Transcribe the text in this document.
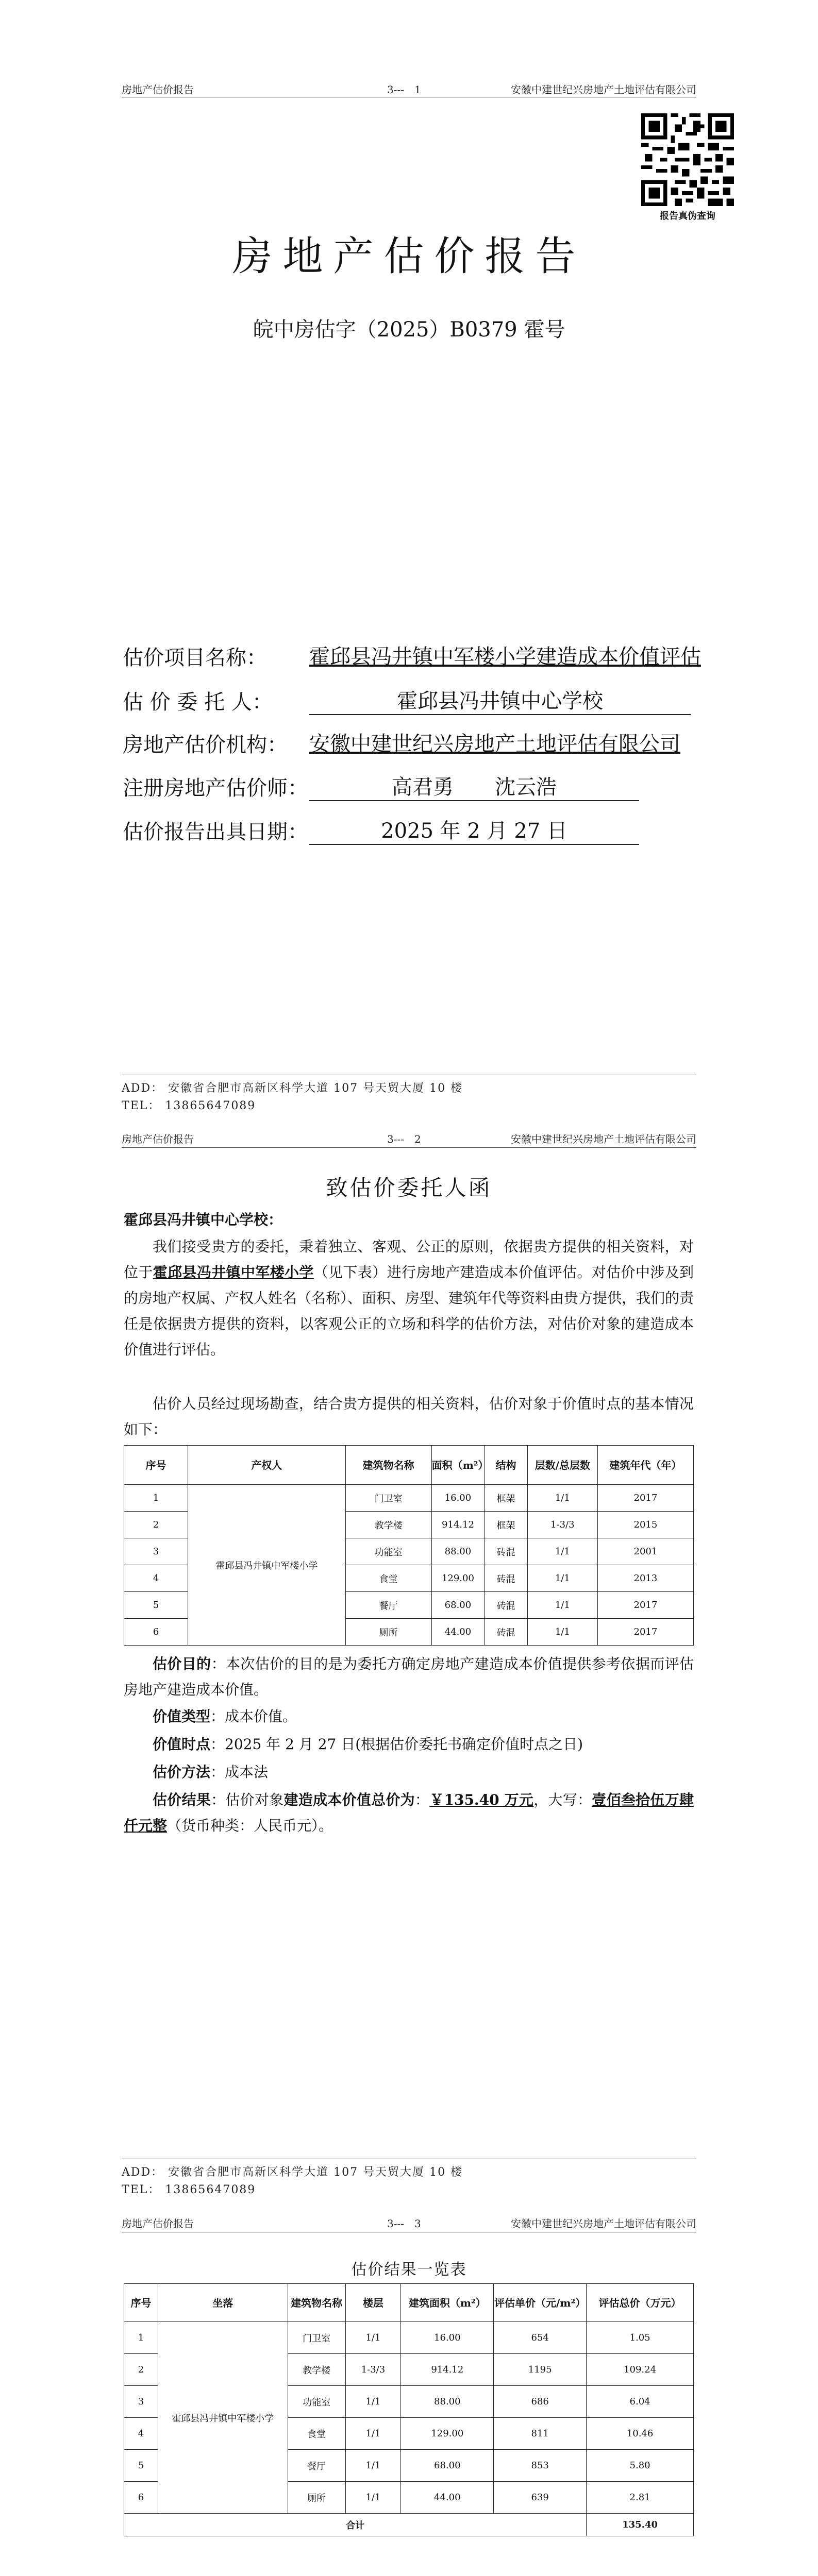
房地产估价报告	3---　1	安徽中建世纪兴房地产土地评估有限公司
报告真伪查询
房地产估价报告
皖中房估字（2025）B0379 霍号
估价项目名称： 霍邱县冯井镇中军楼小学建造成本价值评估
估 价 委 托 人：	霍邱县冯井镇中心学校
房地产估价机构： 安徽中建世纪兴房地产土地评估有限公司
注册房地产估价师：	高君勇　　沈云浩
估价报告出具日期：	2025 年 2 月 27 日
ADD： 安徽省合肥市高新区科学大道 107 号天贸大厦 10 楼
TEL： 13865647089
房地产估价报告	3---　2	安徽中建世纪兴房地产土地评估有限公司
致估价委托人函
霍邱县冯井镇中心学校：
我们接受贵方的委托，秉着独立、客观、公正的原则，依据贵方提供的相关资料，对位于霍邱县冯井镇中军楼小学（见下表）进行房地产建造成本价值评估。对估价中涉及到的房地产权属、产权人姓名（名称）、面积、房型、建筑年代等资料由贵方提供，我们的责任是依据贵方提供的资料，以客观公正的立场和科学的估价方法，对估价对象的建造成本价值进行评估。
估价人员经过现场勘查，结合贵方提供的相关资料，估价对象于价值时点的基本情况如下：
序号	产权人	建筑物名称	面积（m²）	结构	层数/总层数	建筑年代（年）
1	霍邱县冯井镇中军楼小学	门卫室	16.00	框架	1/1	2017
2		教学楼	914.12	框架	1-3/3	2015
3		功能室	88.00	砖混	1/1	2001
4		食堂	129.00	砖混	1/1	2013
5		餐厅	68.00	砖混	1/1	2017
6		厕所	44.00	砖混	1/1	2017
估价目的：本次估价的目的是为委托方确定房地产建造成本价值提供参考依据而评估房地产建造成本价值。
价值类型：成本价值。
价值时点：2025 年 2 月 27 日(根据估价委托书确定价值时点之日)
估价方法：成本法
估价结果：估价对象建造成本价值总价为：￥135.40 万元，大写：壹佰叁拾伍万肆仟元整（货币种类：人民币元）。
ADD： 安徽省合肥市高新区科学大道 107 号天贸大厦 10 楼
TEL： 13865647089
房地产估价报告	3---　3	安徽中建世纪兴房地产土地评估有限公司
估价结果一览表
序号	坐落	建筑物名称	楼层	建筑面积（m²）	评估单价（元/m²）	评估总价（万元）
1	霍邱县冯井镇中军楼小学	门卫室	1/1	16.00	654	1.05
2		教学楼	1-3/3	914.12	1195	109.24
3		功能室	1/1	88.00	686	6.04
4		食堂	1/1	129.00	811	10.46
5		餐厅	1/1	68.00	853	5.80
6		厕所	1/1	44.00	639	2.81
合计						135.40
